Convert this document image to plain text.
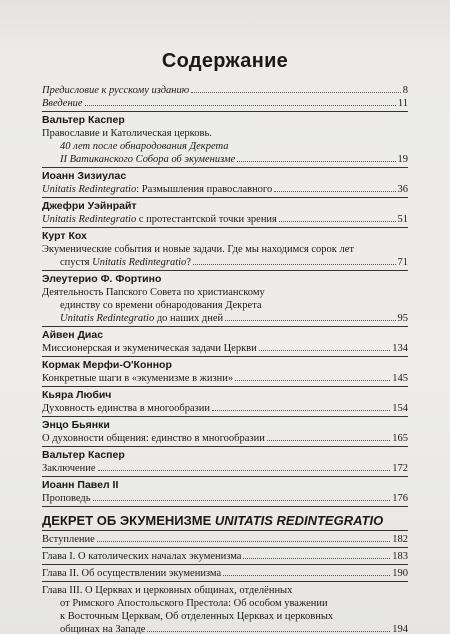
Содержание
Предисловие к русскому изданию	8
Введение	11
Вальтер Каспер
Православие и Католическая церковь.
40 лет после обнародования Декрета
II Ватиканского Собора об экуменизме	19
Иоанн Зизиулас
Unitatis Redintegratio: Размышления православного	36
Джефри Уэйнрайт
Unitatis Redintegratio с протестантской точки зрения	51
Курт Кох
Экуменические события и новые задачи. Где мы находимся сорок лет
спустя Unitatis Redintegratio?	71
Элеутерио Ф. Фортино
Деятельность Папского Совета по христианскому
единству со времени обнародования Декрета
Unitatis Redintegratio до наших дней	95
Айвен Диас
Миссионерская и экуменическая задачи Церкви	134
Кормак Мерфи-О'Коннор
Конкретные шаги в «экуменизме в жизни»	145
Кьяра Любич
Духовность единства в многообразии	154
Энцо Бьянки
О духовности общения: единство в многообразии	165
Вальтер Каспер
Заключение	172
Иоанн Павел II
Проповедь	176
ДЕКРЕТ ОБ ЭКУМЕНИЗМЕ UNITATIS REDINTEGRATIO
Вступление	182
Глава I. О католических началах экуменизма	183
Глава II. Об осуществлении экуменизма	190
Глава III. О Церквах и церковных общинах, отделённых
от Римского Апостольского Престола: Об особом уважении
к Восточным Церквам, Об отделенных Церквах и церковных
общинах на Западе	194
